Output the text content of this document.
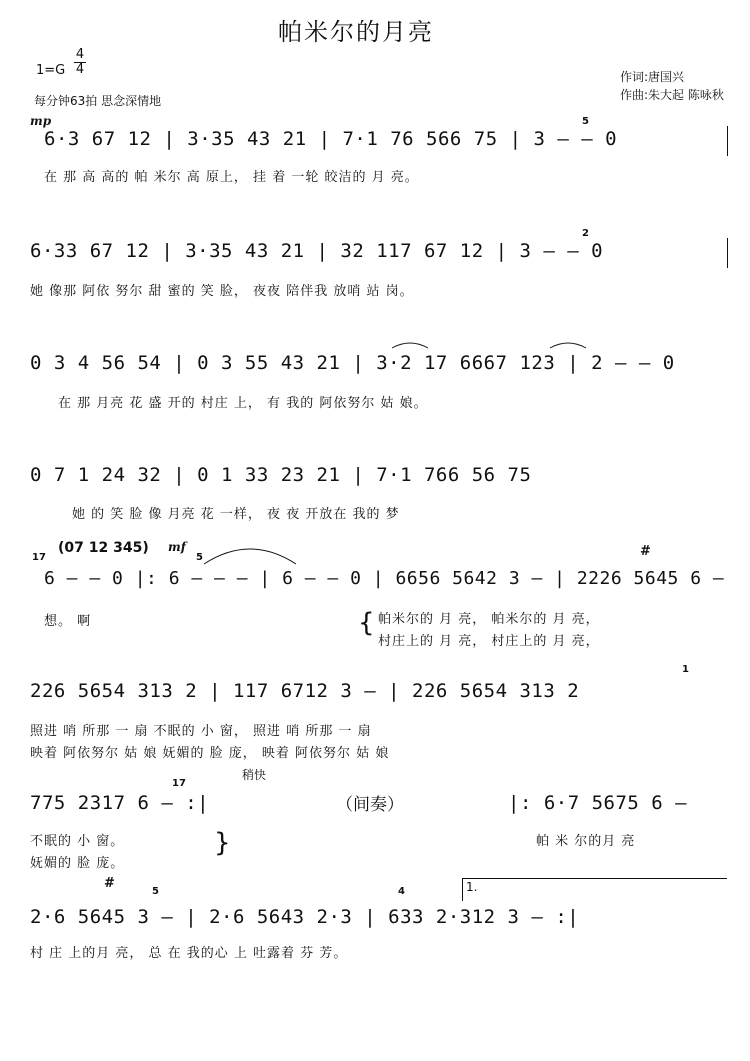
帕米尔的月亮
1=G
4
4
每分钟63拍 思念深情地
作词:唐国兴
作曲:朱大起 陈咏秋
mp
6·3 67 12 | 3·35 43 21 | 7·1 76 566 75 | 3 – – 0
5
在 那 高 高的 帕 米尔 高 原上， 挂 着 一轮 皎洁的 月 亮。
6·33 67 12 | 3·35 43 21 | 32 117 67 12 | 3 – – 0
2
她 像那 阿依 努尔 甜 蜜的 笑 脸， 夜夜 陪伴我 放哨 站 岗。
0 3 4 56 54 | 0 3 55 43 21 | 3·2 17 6667 123 | 2 – – 0
在 那 月亮 花 盛 开的 村庄 上， 有 我的 阿依努尔 姑 娘。
0 7 1 24 32 | 0 1 33 23 21 | 7·1 766 56 75
她 的 笑 脸 像 月亮 花 一样， 夜 夜 开放在 我的 梦
17
(07 12 345) mf
5
6 – – 0 |: 6 – – – | 6 – – 0 | 6656 5642 3 – | 2226 5645 6 –
#
想。 啊	{ 帕米尔的 月 亮， 帕米尔的 月 亮，
村庄上的 月 亮， 村庄上的 月 亮，
226 5654 313 2 | 117 6712 3 – | 226 5654 313 2
1
照进 哨 所那 一 扇 不眠的 小 窗， 照进 哨 所那 一 扇
映着 阿依努尔 姑 娘 妩媚的 脸 庞， 映着 阿依努尔 姑 娘
稍快
17
775 2317 6 – :|	（间奏）	|: 6·7 5675 6 –
不眠的 小 窗。
妩媚的 脸 庞。
}	帕 米 尔的月 亮
1.
#
5	4
2·6 5645 3 – | 2·6 5643 2·3 | 633 2·312 3 – :|
村 庄 上的月 亮， 总 在 我的心 上 吐露着 芬 芳。
